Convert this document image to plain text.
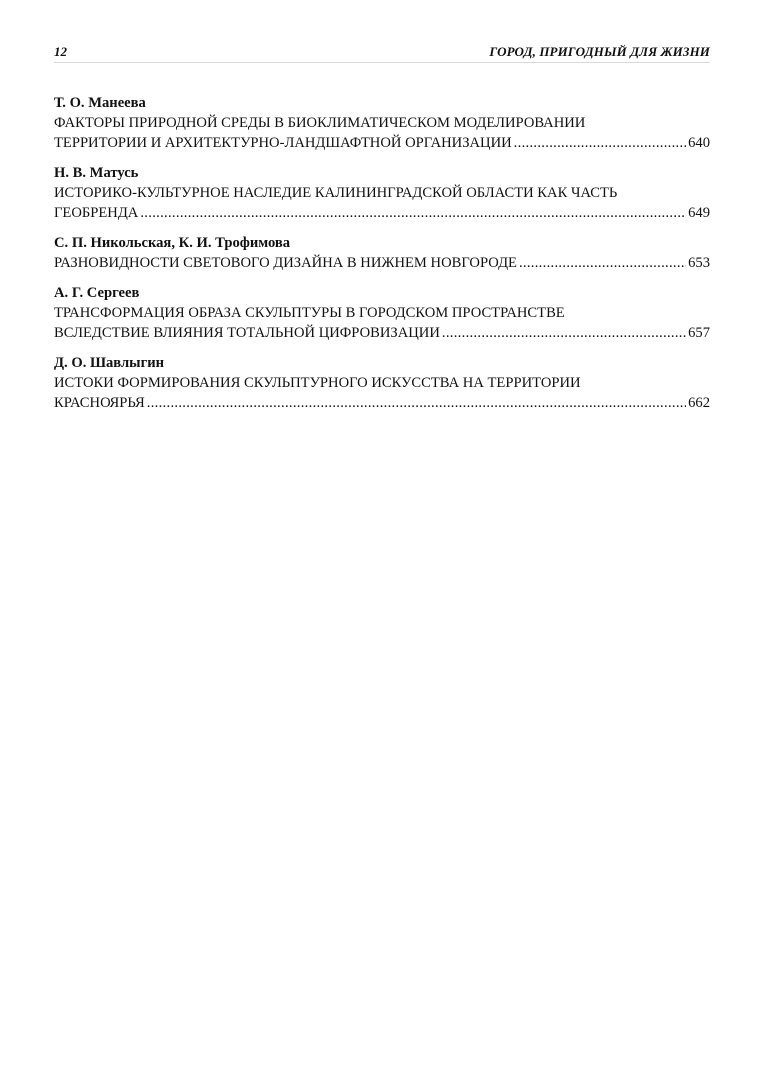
12	ГОРОД, ПРИГОДНЫЙ ДЛЯ ЖИЗНИ
Т. О. Манеева
ФАКТОРЫ ПРИРОДНОЙ СРЕДЫ В БИОКЛИМАТИЧЕСКОМ МОДЕЛИРОВАНИИ
ТЕРРИТОРИИ И АРХИТЕКТУРНО-ЛАНДШАФТНОЙ ОРГАНИЗАЦИИ .....	640
Н. В. Матусь
ИСТОРИКО-КУЛЬТУРНОЕ НАСЛЕДИЕ КАЛИНИНГРАДСКОЙ ОБЛАСТИ КАК ЧАСТЬ
ГЕОБРЕНДА .....	649
С. П. Никольская, К. И. Трофимова
РАЗНОВИДНОСТИ СВЕТОВОГО ДИЗАЙНА В НИЖНЕМ НОВГОРОДЕ .....	653
А. Г. Сергеев
ТРАНСФОРМАЦИЯ ОБРАЗА СКУЛЬПТУРЫ В ГОРОДСКОМ ПРОСТРАНСТВЕ
ВСЛЕДСТВИЕ ВЛИЯНИЯ ТОТАЛЬНОЙ ЦИФРОВИЗАЦИИ .....	657
Д. О. Шавлыгин
ИСТОКИ ФОРМИРОВАНИЯ СКУЛЬПТУРНОГО ИСКУССТВА НА ТЕРРИТОРИИ
КРАСНОЯРЬЯ .....	662
